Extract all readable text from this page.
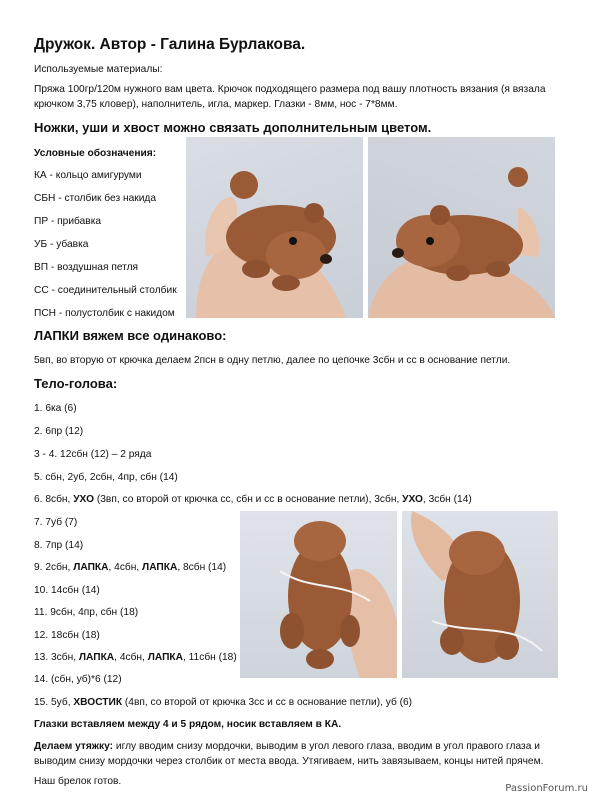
Дружок. Автор - Галина Бурлакова.
Используемые материалы:
Пряжа 100гр/120м нужного вам цвета. Крючок подходящего размера под вашу плотность вязания (я вязала
крючком 3,75 кловер), наполнитель, игла, маркер. Глазки - 8мм, нос - 7*8мм.
Ножки, уши и хвост можно связать дополнительным цветом.
Условные обозначения:
КА - кольцо амигуруми
СБН - столбик без накида
ПР - прибавка
УБ - убавка
ВП - воздушная петля
СС - соединительный столбик
ПСН - полустолбик с накидом
ЛАПКИ вяжем все одинаково:
5вп, во вторую от крючка делаем 2псн в одну петлю, далее по цепочке 3сбн и сс в основание петли.
Тело-голова:
1. 6ка (6)
2. 6пр (12)
3 - 4. 12сбн (12) – 2 ряда
5. сбн, 2уб, 2сбн, 4пр, сбн (14)
6. 8сбн, УХО (3вп, со второй от крючка сс, сбн и сс в основание петли), 3сбн, УХО, 3сбн (14)
7. 7уб (7)
8. 7пр (14)
9. 2сбн, ЛАПКА, 4сбн, ЛАПКА, 8сбн (14)
10. 14сбн (14)
11. 9сбн, 4пр, сбн (18)
12. 18сбн (18)
13. 3сбн, ЛАПКА, 4сбн, ЛАПКА, 11сбн (18)
14. (сбн, уб)*6 (12)
15. 5уб, ХВОСТИК (4вп, со второй от крючка 3сс и сс в основание петли), уб (6)
Глазки вставляем между 4 и 5 рядом, носик вставляем в КА.
Делаем утяжку: иглу вводим снизу мордочки, выводим в угол левого глаза, вводим в угол правого глаза и
выводим снизу мордочки через столбик от места ввода. Утягиваем, нить завязываем, концы нитей прячем.
Наш брелок готов.
PassionForum.ru
